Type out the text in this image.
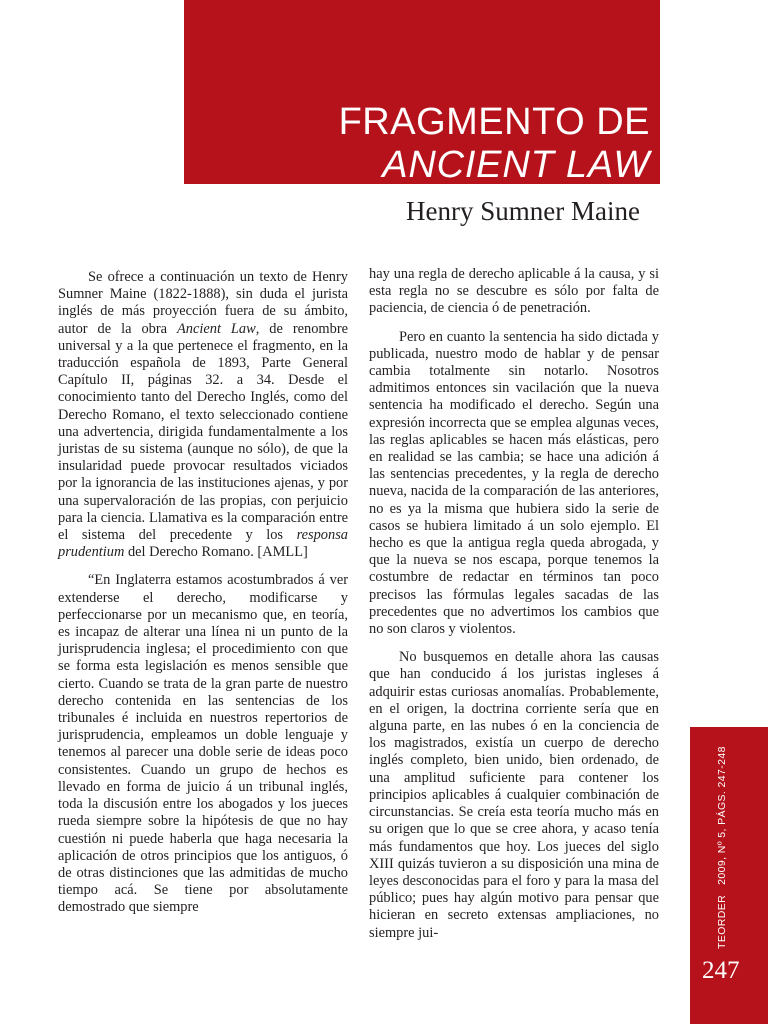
FRAGMENTO DE
ANCIENT LAW
Henry Sumner Maine

Se ofrece a continuación un texto de Henry Sumner Maine (1822-1888), sin duda el jurista inglés de más proyección fuera de su ámbito, autor de la obra Ancient Law, de renombre universal y a la que pertenece el fragmento, en la traducción española de 1893, Parte General Capítulo II, páginas 32. a 34. Desde el conocimiento tanto del Derecho Inglés, como del Derecho Romano, el texto seleccionado contiene una advertencia, dirigida fundamentalmente a los juristas de su sistema (aunque no sólo), de que la insularidad puede provocar resultados viciados por la ignorancia de las instituciones ajenas, y por una supervaloración de las propias, con perjuicio para la ciencia. Llamativa es la comparación entre el sistema del precedente y los responsa prudentium del Derecho Romano. [AMLL]

“En Inglaterra estamos acostumbrados á ver extenderse el derecho, modificarse y perfeccionarse por un mecanismo que, en teoría, es incapaz de alterar una línea ni un punto de la jurisprudencia inglesa; el procedimiento con que se forma esta legislación es menos sensible que cierto. Cuando se trata de la gran parte de nuestro derecho contenida en las sentencias de los tribunales é incluida en nuestros repertorios de jurisprudencia, empleamos un doble lenguaje y tenemos al parecer una doble serie de ideas poco consistentes. Cuando un grupo de hechos es llevado en forma de juicio á un tribunal inglés, toda la discusión entre los abogados y los jueces rueda siempre sobre la hipótesis de que no hay cuestión ni puede haberla que haga necesaria la aplicación de otros principios que los antiguos, ó de otras distinciones que las admitidas de mucho tiempo acá. Se tiene por absolutamente demostrado que siempre

hay una regla de derecho aplicable á la causa, y si esta regla no se descubre es sólo por falta de paciencia, de ciencia ó de penetración.

Pero en cuanto la sentencia ha sido dictada y publicada, nuestro modo de hablar y de pensar cambia totalmente sin notarlo. Nosotros admitimos entonces sin vacilación que la nueva sentencia ha modificado el derecho. Según una expresión incorrecta que se emplea algunas veces, las reglas aplicables se hacen más elásticas, pero en realidad se las cambia; se hace una adición á las sentencias precedentes, y la regla de derecho nueva, nacida de la comparación de las anteriores, no es ya la misma que hubiera sido la serie de casos se hubiera limitado á un solo ejemplo. El hecho es que la antigua regla queda abrogada, y que la nueva se nos escapa, porque tenemos la costumbre de redactar en términos tan poco precisos las fórmulas legales sacadas de las precedentes que no advertimos los cambios que no son claros y violentos.

No busquemos en detalle ahora las causas que han conducido á los juristas ingleses á adquirir estas curiosas anomalías. Probablemente, en el origen, la doctrina corriente sería que en alguna parte, en las nubes ó en la conciencia de los magistrados, existía un cuerpo de derecho inglés completo, bien unido, bien ordenado, de una amplitud suficiente para contener los principios aplicables á cualquier combinación de circunstancias. Se creía esta teoría mucho más en su origen que lo que se cree ahora, y acaso tenía más fundamentos que hoy. Los jueces del siglo XIII quizás tuvieron a su disposición una mina de leyes desconocidas para el foro y para la masa del público; pues hay algún motivo para pensar que hicieran en secreto extensas ampliaciones, no siempre jui-	TEORDER2009, Nº 5, PÁGS. 247-248
247
